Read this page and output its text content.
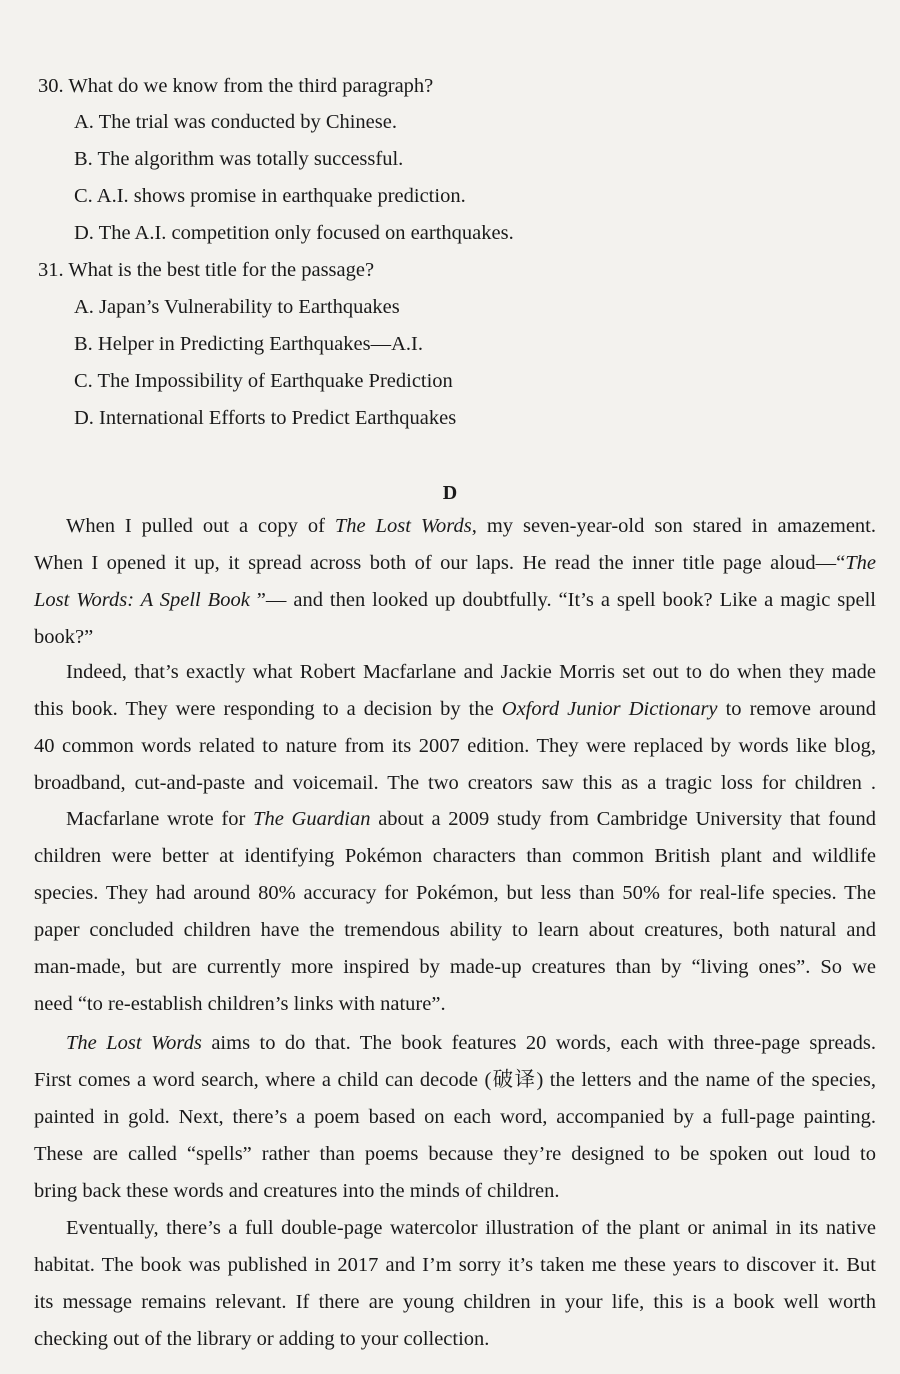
30. What do we know from the third paragraph?
A. The trial was conducted by Chinese.
B. The algorithm was totally successful.
C. A.I. shows promise in earthquake prediction.
D. The A.I. competition only focused on earthquakes.
31. What is the best title for the passage?
A. Japan’s Vulnerability to Earthquakes
B. Helper in Predicting Earthquakes—A.I.
C. The Impossibility of Earthquake Prediction
D. International Efforts to Predict Earthquakes
D
When I pulled out a copy of The Lost Words, my seven-year-old son stared in amazement.
When I opened it up, it spread across both of our laps. He read the inner title page aloud—“The
Lost Words: A Spell Book ”— and then looked up doubtfully. “It’s a spell book? Like a magic spell
book?”
Indeed, that’s exactly what Robert Macfarlane and Jackie Morris set out to do when they made
this book. They were responding to a decision by the Oxford Junior Dictionary to remove around
40 common words related to nature from its 2007 edition. They were replaced by words like blog,
broadband, cut-and-paste and voicemail. The two creators saw this as a tragic loss for children .
Macfarlane wrote for The Guardian about a 2009 study from Cambridge University that found
children were better at identifying Pokémon characters than common British plant and wildlife
species. They had around 80% accuracy for Pokémon, but less than 50% for real-life species. The
paper concluded children have the tremendous ability to learn about creatures, both natural and
man-made, but are currently more inspired by made-up creatures than by “living ones”. So we
need “to re-establish children’s links with nature”.
The Lost Words aims to do that. The book features 20 words, each with three-page spreads.
First comes a word search, where a child can decode (破译) the letters and the name of the species,
painted in gold. Next, there’s a poem based on each word, accompanied by a full-page painting.
These are called “spells” rather than poems because they’re designed to be spoken out loud to
bring back these words and creatures into the minds of children.
Eventually, there’s a full double-page watercolor illustration of the plant or animal in its native
habitat. The book was published in 2017 and I’m sorry it’s taken me these years to discover it. But
its message remains relevant. If there are young children in your life, this is a book well worth
checking out of the library or adding to your collection.
